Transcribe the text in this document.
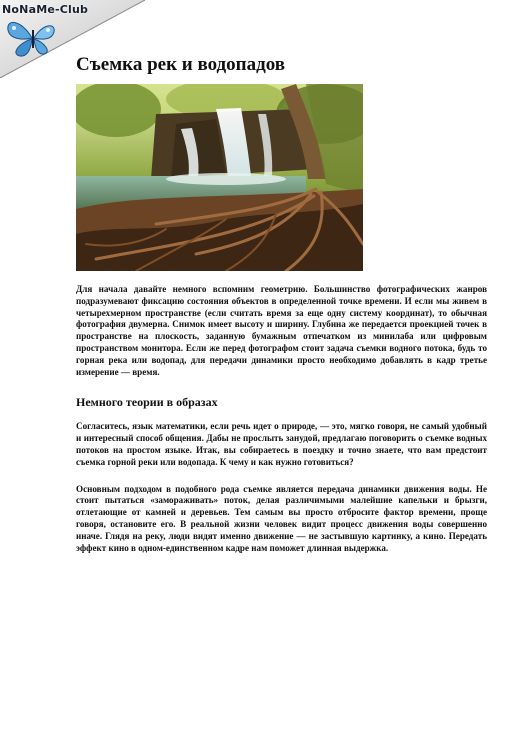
NoNaMe-Club
Съемка рек и водопадов

Для начала давайте немного вспомним геометрию. Большинство фотографических жанров подразумевают фиксацию состояния объектов в определенной точке времени. И если мы живем в четырехмерном пространстве (если считать время за еще одну систему координат), то обычная фотография двумерна. Снимок имеет высоту и ширину. Глубина же передается проекцией точек в пространстве на плоскость, заданную бумажным отпечатком из минилаба или цифровым пространством монитора. Если же перед фотографом стоит задача съемки водного потока, будь то горная река или водопад, для передачи динамики просто необходимо добавлять в кадр третье измерение — время.

Немного теории в образах

Согласитесь, язык математики, если речь идет о природе, — это, мягко говоря, не самый удобный и интересный способ общения. Дабы не прослыть занудой, предлагаю поговорить о съемке водных потоков на простом языке. Итак, вы собираетесь в поездку и точно знаете, что вам предстоит съемка горной реки или водопада. К чему и как нужно готовиться?

Основным подходом в подобного рода съемке является передача динамики движения воды. Не стоит пытаться «замораживать» поток, делая различимыми малейшие капельки и брызги, отлетающие от камней и деревьев. Тем самым вы просто отбросите фактор времени, проще говоря, остановите его. В реальной жизни человек видит процесс движения воды совершенно иначе. Глядя на реку, люди видят именно движение — не застывшую картинку, а кино. Передать эффект кино в одном-единственном кадре нам поможет длинная выдержка.
